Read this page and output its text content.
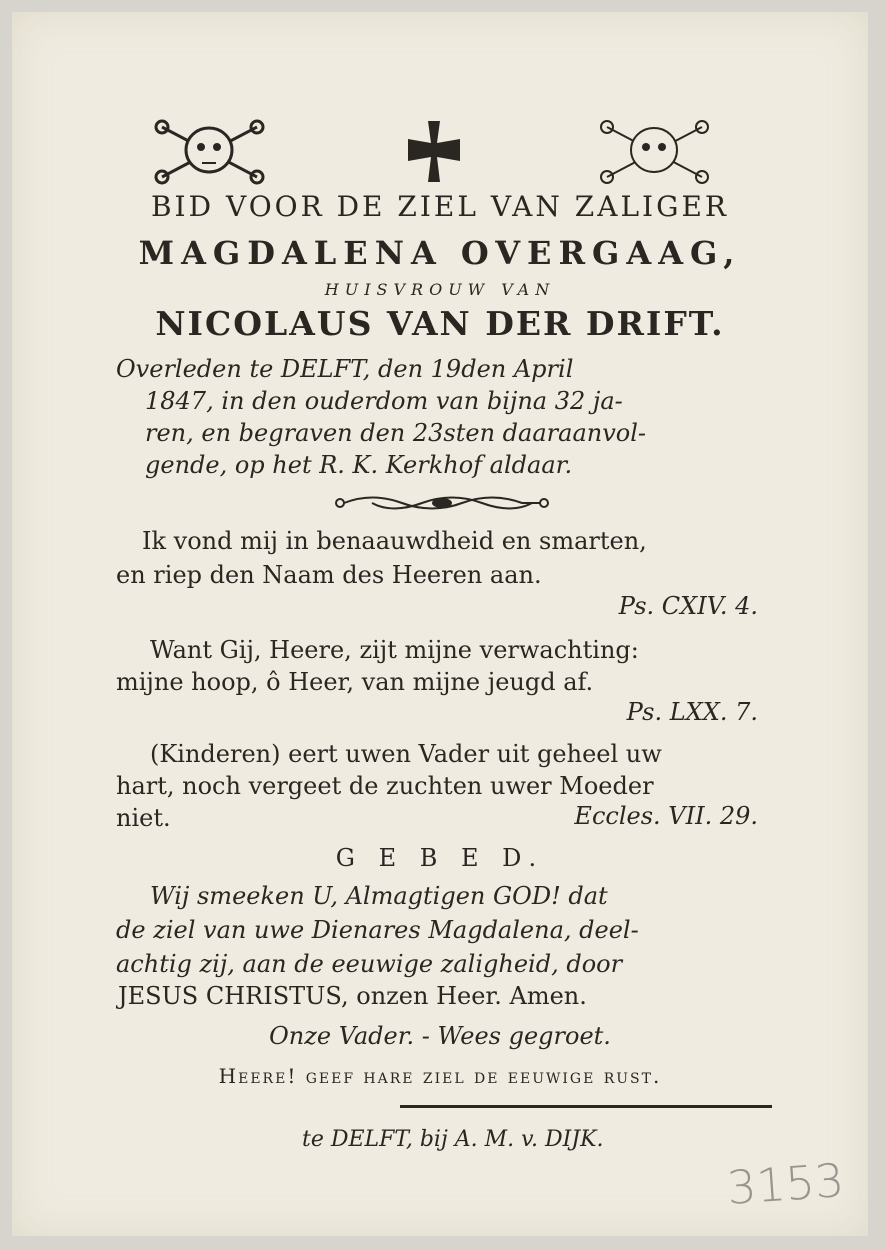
BID VOOR DE ZIEL VAN ZALIGER
MAGDALENA OVERGAAG,
HUISVROUW VAN
NICOLAUS VAN DER DRIFT.
Overleden te DELFT, den 19den April
1847, in den ouderdom van bijna 32 ja-
ren, en begraven den 23sten daaraanvol-
gende, op het R. K. Kerkhof aldaar.
Ik vond mij in benaauwdheid en smarten,
en riep den Naam des Heeren aan.
Ps. CXIV. 4.
Want Gij, Heere, zijt mijne verwachting:
mijne hoop, ô Heer, van mijne jeugd af.
Ps. LXX. 7.
(Kinderen) eert uwen Vader uit geheel uw
hart, noch vergeet de zuchten uwer Moeder
niet.	Eccles. VII. 29.
G E B E D.
Wij smeeken U, Almagtigen GOD! dat
de ziel van uwe Dienares Magdalena, deel-
achtig zij, aan de eeuwige zaligheid, door
JESUS CHRISTUS, onzen Heer. Amen.
Onze Vader. - Wees gegroet.
Heere! geef hare ziel de eeuwige rust.
te DELFT, bij A. M. v. DIJK.
3153
